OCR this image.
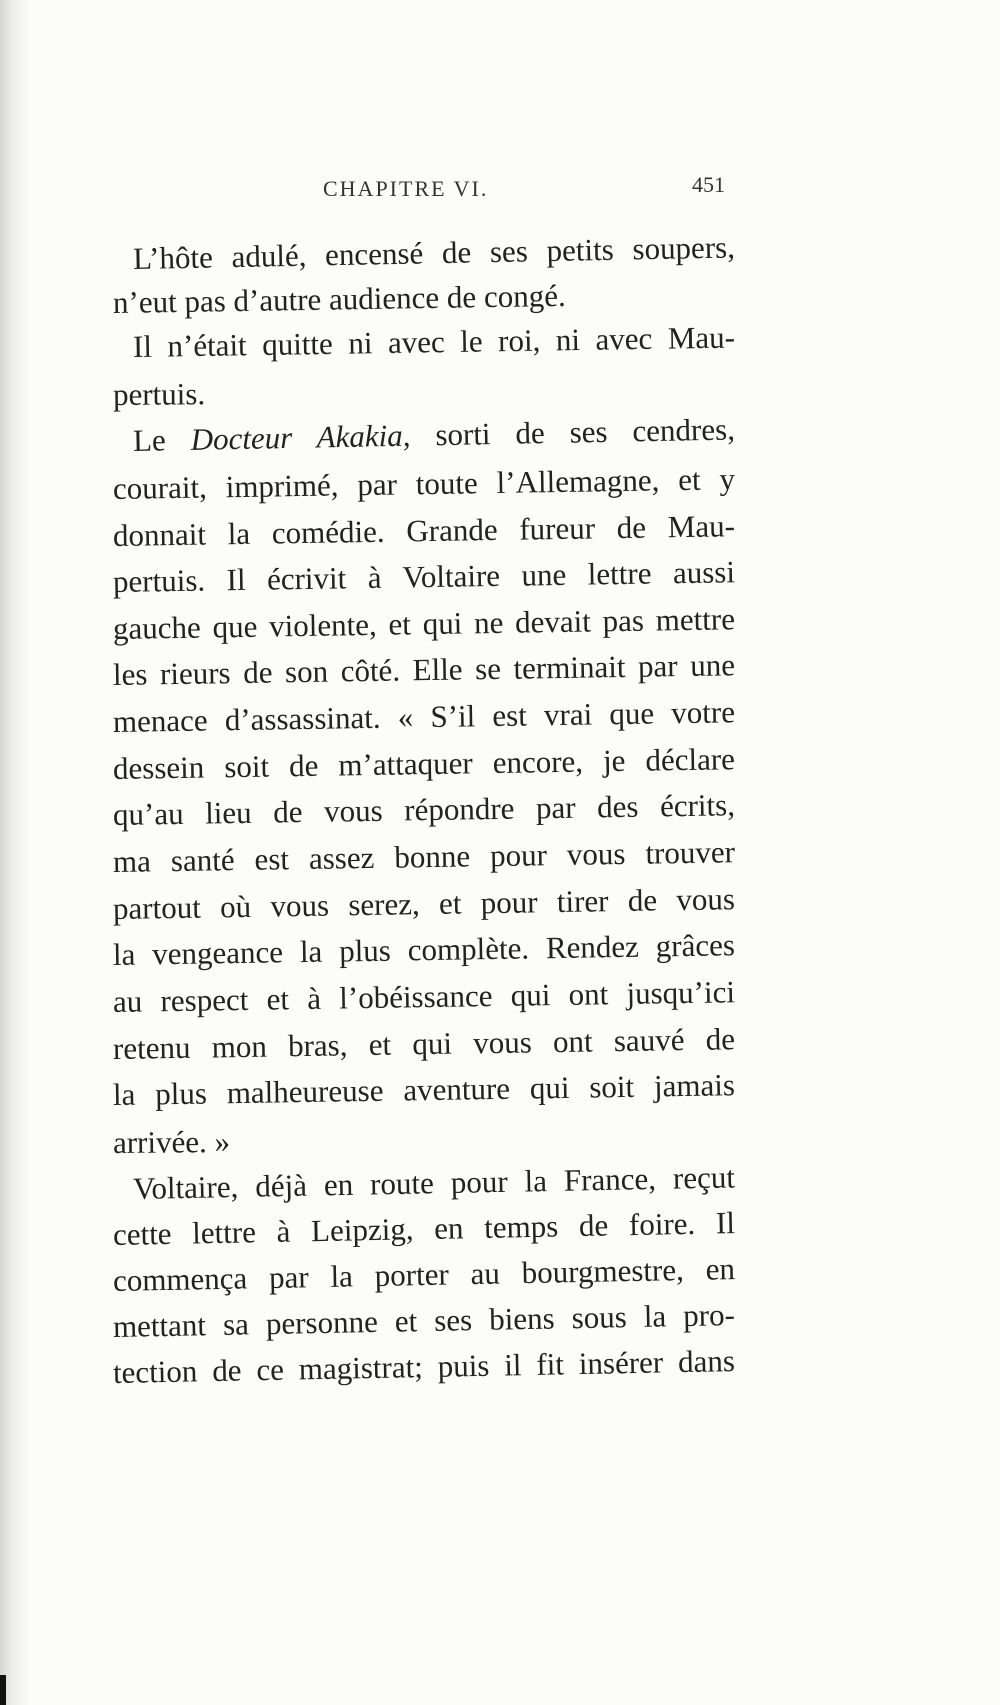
CHAPITRE VI.	451
L’hôte adulé, encensé de ses petits soupers,
n’eut pas d’autre audience de congé.
Il n’était quitte ni avec le roi, ni avec Mau-
pertuis.
Le Docteur Akakia, sorti de ses cendres,
courait, imprimé, par toute l’Allemagne, et y
donnait la comédie. Grande fureur de Mau-
pertuis. Il écrivit à Voltaire une lettre aussi
gauche que violente, et qui ne devait pas mettre
les rieurs de son côté. Elle se terminait par une
menace d’assassinat. « S’il est vrai que votre
dessein soit de m’attaquer encore, je déclare
qu’au lieu de vous répondre par des écrits,
ma santé est assez bonne pour vous trouver
partout où vous serez, et pour tirer de vous
la vengeance la plus complète. Rendez grâces
au respect et à l’obéissance qui ont jusqu’ici
retenu mon bras, et qui vous ont sauvé de
la plus malheureuse aventure qui soit jamais
arrivée. »
Voltaire, déjà en route pour la France, reçut
cette lettre à Leipzig, en temps de foire. Il
commença par la porter au bourgmestre, en
mettant sa personne et ses biens sous la pro-
tection de ce magistrat; puis il fit insérer dans
